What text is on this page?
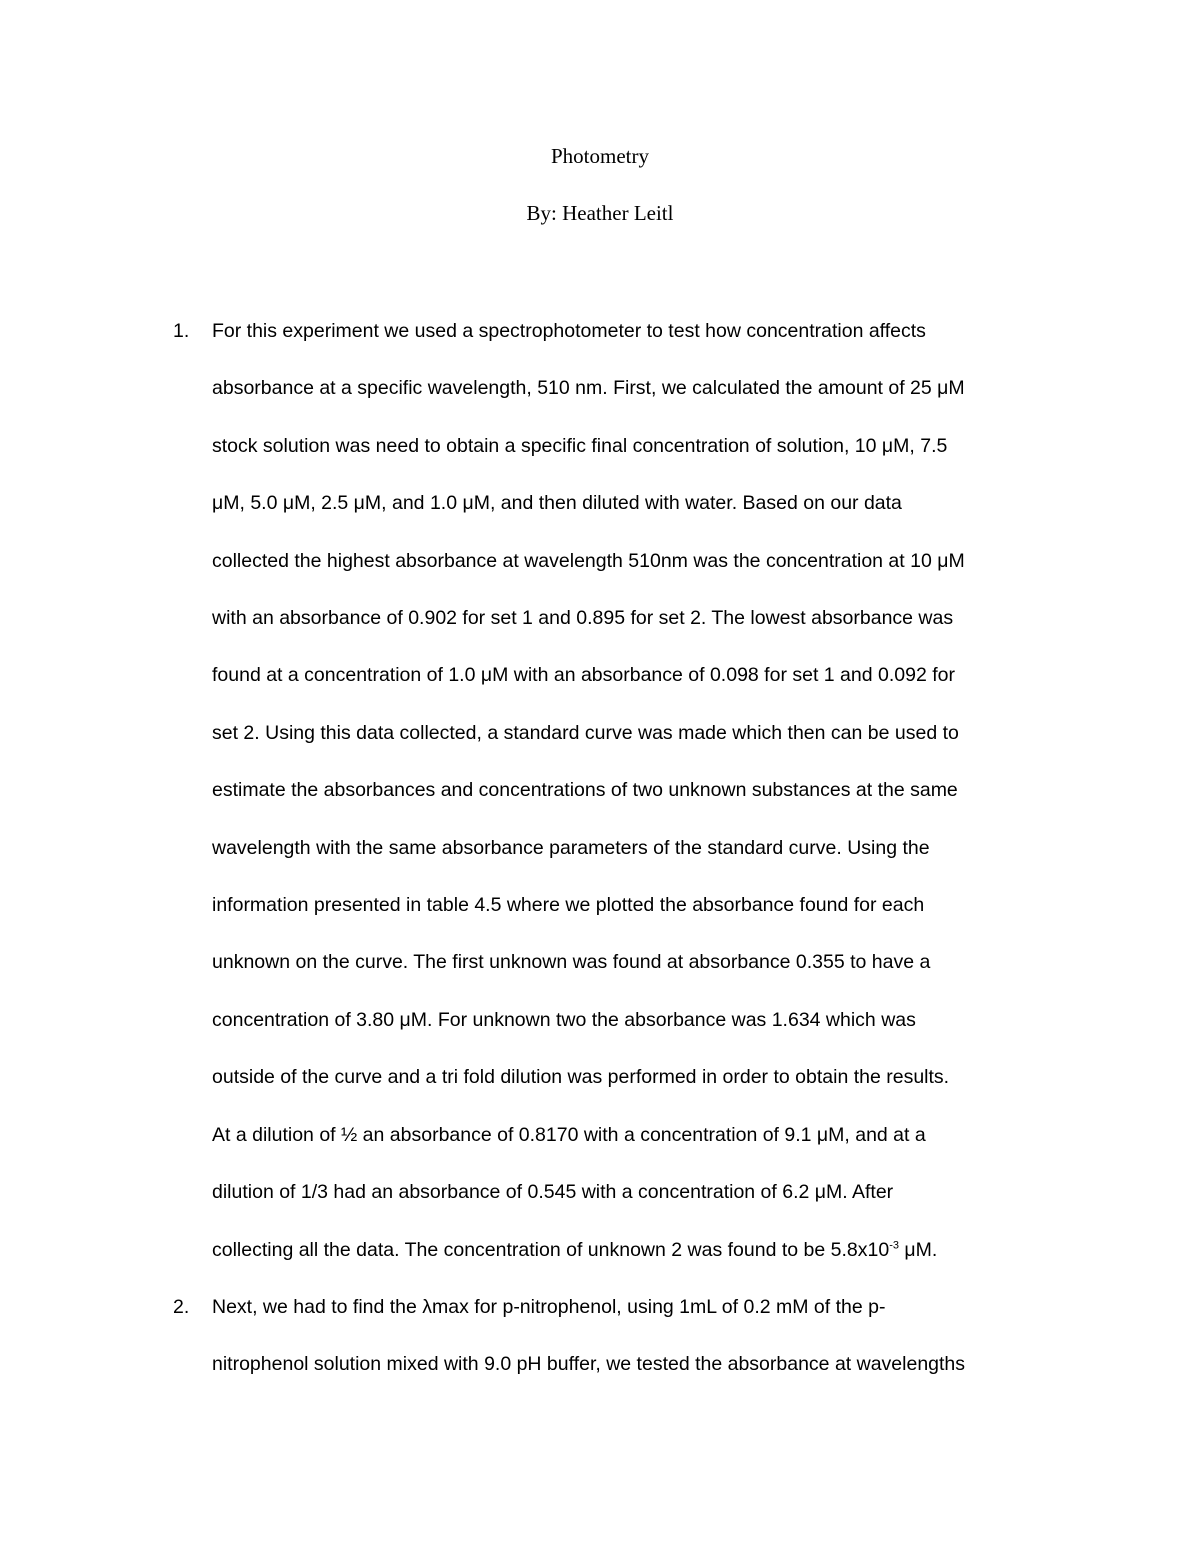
Photometry
By: Heather Leitl
1.	For this experiment we used a spectrophotometer to test how concentration affects
absorbance at a specific wavelength, 510 nm. First, we calculated the amount of 25 μM
stock solution was need to obtain a specific final concentration of solution, 10 μM, 7.5
μM, 5.0 μM, 2.5 μM, and 1.0 μM, and then diluted with water. Based on our data
collected the highest absorbance at wavelength 510nm was the concentration at 10 μM
with an absorbance of 0.902 for set 1 and 0.895 for set 2. The lowest absorbance was
found at a concentration of 1.0 μM with an absorbance of 0.098 for set 1 and 0.092 for
set 2. Using this data collected, a standard curve was made which then can be used to
estimate the absorbances and concentrations of two unknown substances at the same
wavelength with the same absorbance parameters of the standard curve. Using the
information presented in table 4.5 where we plotted the absorbance found for each
unknown on the curve. The first unknown was found at absorbance 0.355 to have a
concentration of 3.80 μM. For unknown two the absorbance was 1.634 which was
outside of the curve and a tri fold dilution was performed in order to obtain the results.
At a dilution of ½ an absorbance of 0.8170 with a concentration of 9.1 μM, and at a
dilution of 1/3 had an absorbance of 0.545 with a concentration of 6.2 μM. After
collecting all the data. The concentration of unknown 2 was found to be $5.8x10^{-3}$ μM.
2.	Next, we had to find the λmax for p-nitrophenol, using 1mL of 0.2 mM of the p-
nitrophenol solution mixed with 9.0 pH buffer, we tested the absorbance at wavelengths
